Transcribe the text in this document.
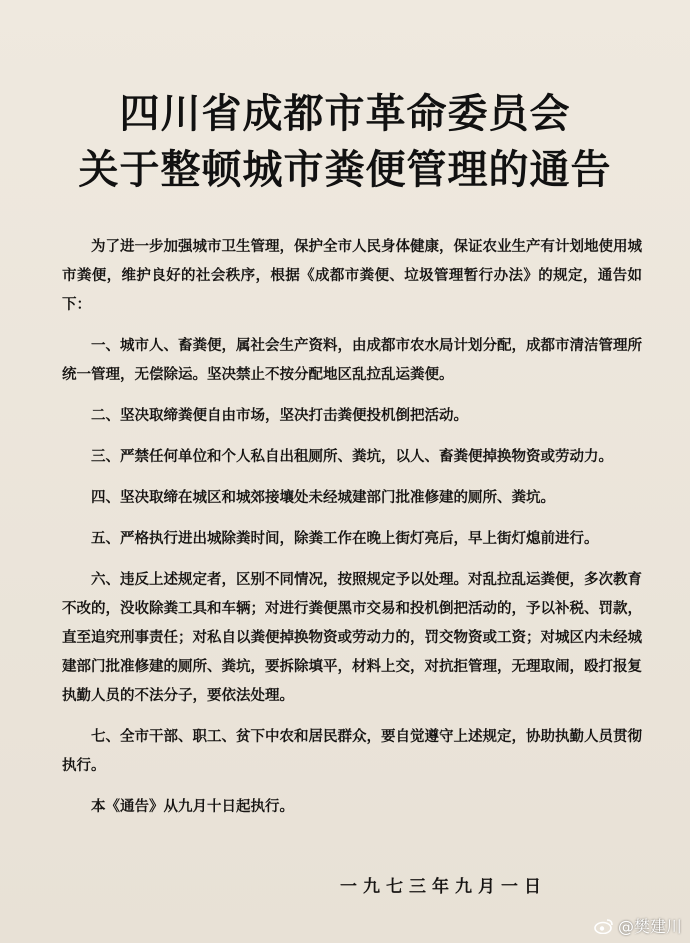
四川省成都市革命委员会
关于整顿城市粪便管理的通告

为了进一步加强城市卫生管理，保护全市人民身体健康，保证农业生产有计划地使用城市粪便，维护良好的社会秩序，根据《成都市粪便、垃圾管理暂行办法》的规定，通告如下：

一、城市人、畜粪便，属社会生产资料，由成都市农水局计划分配，成都市清洁管理所统一管理，无偿除运。坚决禁止不按分配地区乱拉乱运粪便。

二、坚决取缔粪便自由市场，坚决打击粪便投机倒把活动。

三、严禁任何单位和个人私自出租厕所、粪坑，以人、畜粪便掉换物资或劳动力。

四、坚决取缔在城区和城郊接壤处未经城建部门批准修建的厕所、粪坑。

五、严格执行进出城除粪时间，除粪工作在晚上街灯亮后，早上街灯熄前进行。

六、违反上述规定者，区别不同情况，按照规定予以处理。对乱拉乱运粪便，多次教育不改的，没收除粪工具和车辆；对进行粪便黑市交易和投机倒把活动的，予以补税、罚款，直至追究刑事责任；对私自以粪便掉换物资或劳动力的，罚交物资或工资；对城区内未经城建部门批准修建的厕所、粪坑，要拆除填平，材料上交，对抗拒管理，无理取闹，殴打报复执勤人员的不法分子，要依法处理。

七、全市干部、职工、贫下中农和居民群众，要自觉遵守上述规定，协助执勤人员贯彻执行。

本《通告》从九月十日起执行。

一九七三年九月一日
@樊建川
